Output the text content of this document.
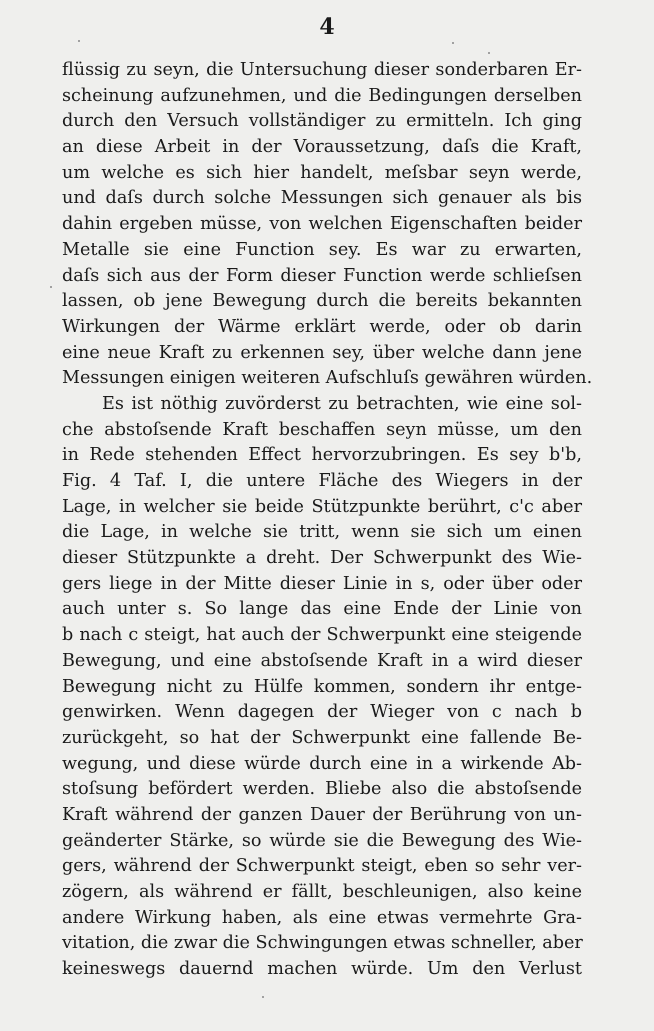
4
flüssig zu seyn, die Untersuchung dieser sonderbaren Er-
scheinung aufzunehmen, und die Bedingungen derselben
durch den Versuch vollständiger zu ermitteln. Ich ging
an diese Arbeit in der Voraussetzung, daſs die Kraft,
um welche es sich hier handelt, meſsbar seyn werde,
und daſs durch solche Messungen sich genauer als bis
dahin ergeben müsse, von welchen Eigenschaften beider
Metalle sie eine Function sey. Es war zu erwarten,
daſs sich aus der Form dieser Function werde schlieſsen
lassen, ob jene Bewegung durch die bereits bekannten
Wirkungen der Wärme erklärt werde, oder ob darin
eine neue Kraft zu erkennen sey, über welche dann jene
Messungen einigen weiteren Aufschluſs gewähren würden.
Es ist nöthig zuvörderst zu betrachten, wie eine sol-
che abstoſsende Kraft beschaffen seyn müsse, um den
in Rede stehenden Effect hervorzubringen. Es sey b'b,
Fig. 4 Taf. I, die untere Fläche des Wiegers in der
Lage, in welcher sie beide Stützpunkte berührt, c'c aber
die Lage, in welche sie tritt, wenn sie sich um einen
dieser Stützpunkte a dreht. Der Schwerpunkt des Wie-
gers liege in der Mitte dieser Linie in s, oder über oder
auch unter s. So lange das eine Ende der Linie von
b nach c steigt, hat auch der Schwerpunkt eine steigende
Bewegung, und eine abstoſsende Kraft in a wird dieser
Bewegung nicht zu Hülfe kommen, sondern ihr entge-
genwirken. Wenn dagegen der Wieger von c nach b
zurückgeht, so hat der Schwerpunkt eine fallende Be-
wegung, und diese würde durch eine in a wirkende Ab-
stoſsung befördert werden. Bliebe also die abstoſsende
Kraft während der ganzen Dauer der Berührung von un-
geänderter Stärke, so würde sie die Bewegung des Wie-
gers, während der Schwerpunkt steigt, eben so sehr ver-
zögern, als während er fällt, beschleunigen, also keine
andere Wirkung haben, als eine etwas vermehrte Gra-
vitation, die zwar die Schwingungen etwas schneller, aber
keineswegs dauernd machen würde. Um den Verlust
